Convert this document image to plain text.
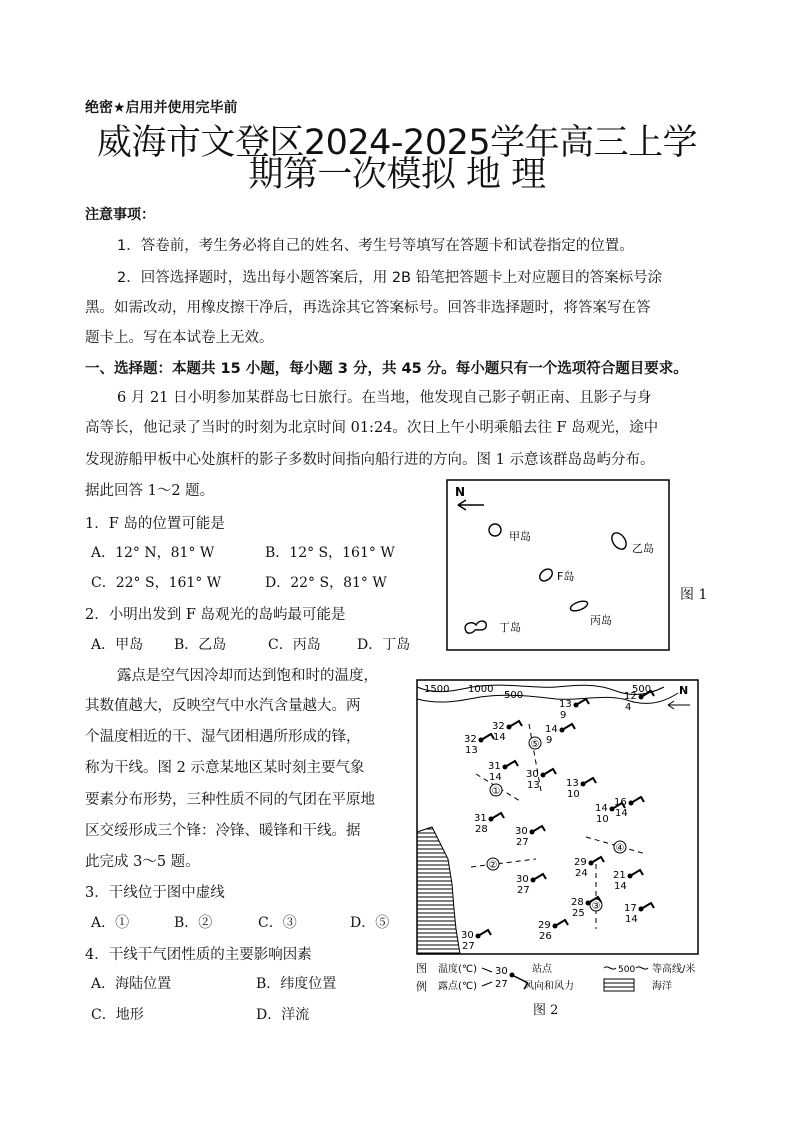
绝密★启用并使用完毕前
威海市文登区2024-2025学年高三上学
期第一次模拟 地 理
注意事项：
1．答卷前，考生务必将自己的姓名、考生号等填写在答题卡和试卷指定的位置。
2．回答选择题时，选出每小题答案后，用 2B 铅笔把答题卡上对应题目的答案标号涂
黑。如需改动，用橡皮擦干净后，再选涂其它答案标号。回答非选择题时，将答案写在答
题卡上。写在本试卷上无效。
一、选择题：本题共 15 小题，每小题 3 分，共 45 分。每小题只有一个选项符合题目要求。
6 月 21 日小明参加某群岛七日旅行。在当地，他发现自己影子朝正南、且影子与身
高等长，他记录了当时的时刻为北京时间 01:24。次日上午小明乘船去往 F 岛观光，途中
发现游船甲板中心处旗杆的影子多数时间指向船行进的方向。图 1 示意该群岛岛屿分布。
据此回答 1～2 题。
1．F 岛的位置可能是
A．12° N，81° W	B．12° S，161° W
C．22° S，161° W	D．22° S，81° W
2．小明出发到 F 岛观光的岛屿最可能是
A．甲岛 B．乙岛	C．丙岛	D．丁岛
N
甲岛
乙岛
F岛
丙岛
丁岛
图 1
露点是空气因冷却而达到饱和时的温度，
其数值越大，反映空气中水汽含量越大。两
个温度相近的干、湿气团相遇所形成的锋，
称为干线。图 2 示意某地区某时刻主要气象
要素分布形势，三种性质不同的气团在平原地
区交绥形成三个锋：冷锋、暖锋和干线。据
此完成 3～5 题。
3．干线位于图中虚线
A．①	B．②	C．③	D．⑤
4．干线干气团性质的主要影响因素
A．海陆位置	B．纬度位置
C．地形	D．洋流
1500 1000
500
500	N
①
②
③
④
⑤
13
9
12
4
32
14
14
9
32
13
31
14 30
13	13
10
16
14
14
10
31
28	30
27
29
24	21
14
30
27
28
25	17
14
29
26
30
27
图
例
温度(℃)
露点(℃)
30
27
站点
风向和风力
500 等高线/米
海洋
图 2
